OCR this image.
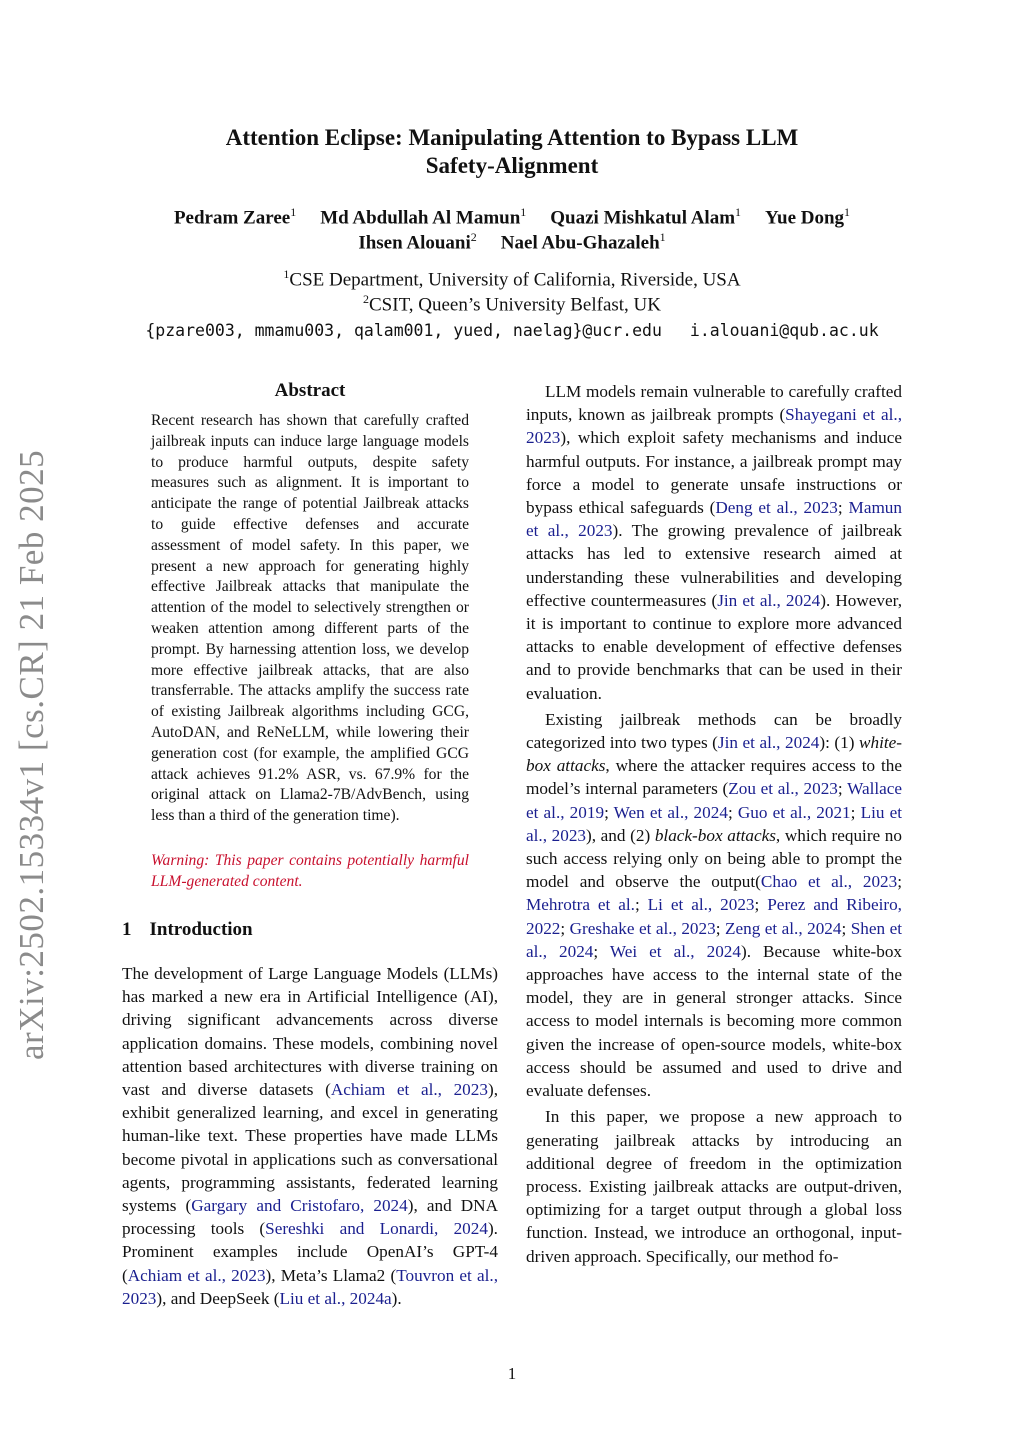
arXiv:2502.15334v1 [cs.CR] 21 Feb 2025
Attention Eclipse: Manipulating Attention to Bypass LLM Safety-Alignment
Pedram Zaree$^1$ Md Abdullah Al Mamun$^1$ Quazi Mishkatul Alam$^1$ Yue Dong$^1$
Ihsen Alouani$^2$ Nael Abu-Ghazaleh$^1$
$^1$CSE Department, University of California, Riverside, USA
$^2$CSIT, Queen’s University Belfast, UK
{pzare003, mmamu003, qalam001, yued, naelag}@ucr.edu i.alouani@qub.ac.uk
Abstract
Recent research has shown that carefully crafted jailbreak inputs can induce large language models to produce harmful outputs, despite safety measures such as alignment. It is important to anticipate the range of potential Jailbreak attacks to guide effective defenses and accurate assessment of model safety. In this paper, we present a new approach for generating highly effective Jailbreak attacks that manipulate the attention of the model to selectively strengthen or weaken attention among different parts of the prompt. By harnessing attention loss, we develop more effective jailbreak attacks, that are also transferrable. The attacks amplify the success rate of existing Jailbreak algorithms including GCG, AutoDAN, and ReNeLLM, while lowering their generation cost (for example, the amplified GCG attack achieves 91.2% ASR, vs. 67.9% for the original attack on Llama2-7B/AdvBench, using less than a third of the generation time).
Warning: This paper contains potentially harmful LLM-generated content.
1 Introduction

The development of Large Language Models (LLMs) has marked a new era in Artificial Intelligence (AI), driving significant advancements across diverse application domains. These models, combining novel attention based architectures with diverse training on vast and diverse datasets (Achiam et al., 2023), exhibit generalized learning, and excel in generating human-like text. These properties have made LLMs become pivotal in applications such as conversational agents, programming assistants, federated learning systems (Gargary and Cristofaro, 2024), and DNA processing tools (Sereshki and Lonardi, 2024). Prominent examples include OpenAI’s GPT-4 (Achiam et al., 2023), Meta’s Llama2 (Touvron et al., 2023), and DeepSeek (Liu et al., 2024a).

LLM models remain vulnerable to carefully crafted inputs, known as jailbreak prompts (Shayegani et al., 2023), which exploit safety mechanisms and induce harmful outputs. For instance, a jailbreak prompt may force a model to generate unsafe instructions or bypass ethical safeguards (Deng et al., 2023; Mamun et al., 2023). The growing prevalence of jailbreak attacks has led to extensive research aimed at understanding these vulnerabilities and developing effective countermeasures (Jin et al., 2024). However, it is important to continue to explore more advanced attacks to enable development of effective defenses and to provide benchmarks that can be used in their evaluation.

Existing jailbreak methods can be broadly categorized into two types (Jin et al., 2024): (1) white-box attacks, where the attacker requires access to the model’s internal parameters (Zou et al., 2023; Wallace et al., 2019; Wen et al., 2024; Guo et al., 2021; Liu et al., 2023), and (2) black-box attacks, which require no such access relying only on being able to prompt the model and observe the output(Chao et al., 2023; Mehrotra et al.; Li et al., 2023; Perez and Ribeiro, 2022; Greshake et al., 2023; Zeng et al., 2024; Shen et al., 2024; Wei et al., 2024). Because white-box approaches have access to the internal state of the model, they are in general stronger attacks. Since access to model internals is becoming more common given the increase of open-source models, white-box access should be assumed and used to drive and evaluate defenses.

In this paper, we propose a new approach to generating jailbreak attacks by introducing an additional degree of freedom in the optimization process. Existing jailbreak attacks are output-driven, optimizing for a target output through a global loss function. Instead, we introduce an orthogonal, input-driven approach. Specifically, our method fo-

1
